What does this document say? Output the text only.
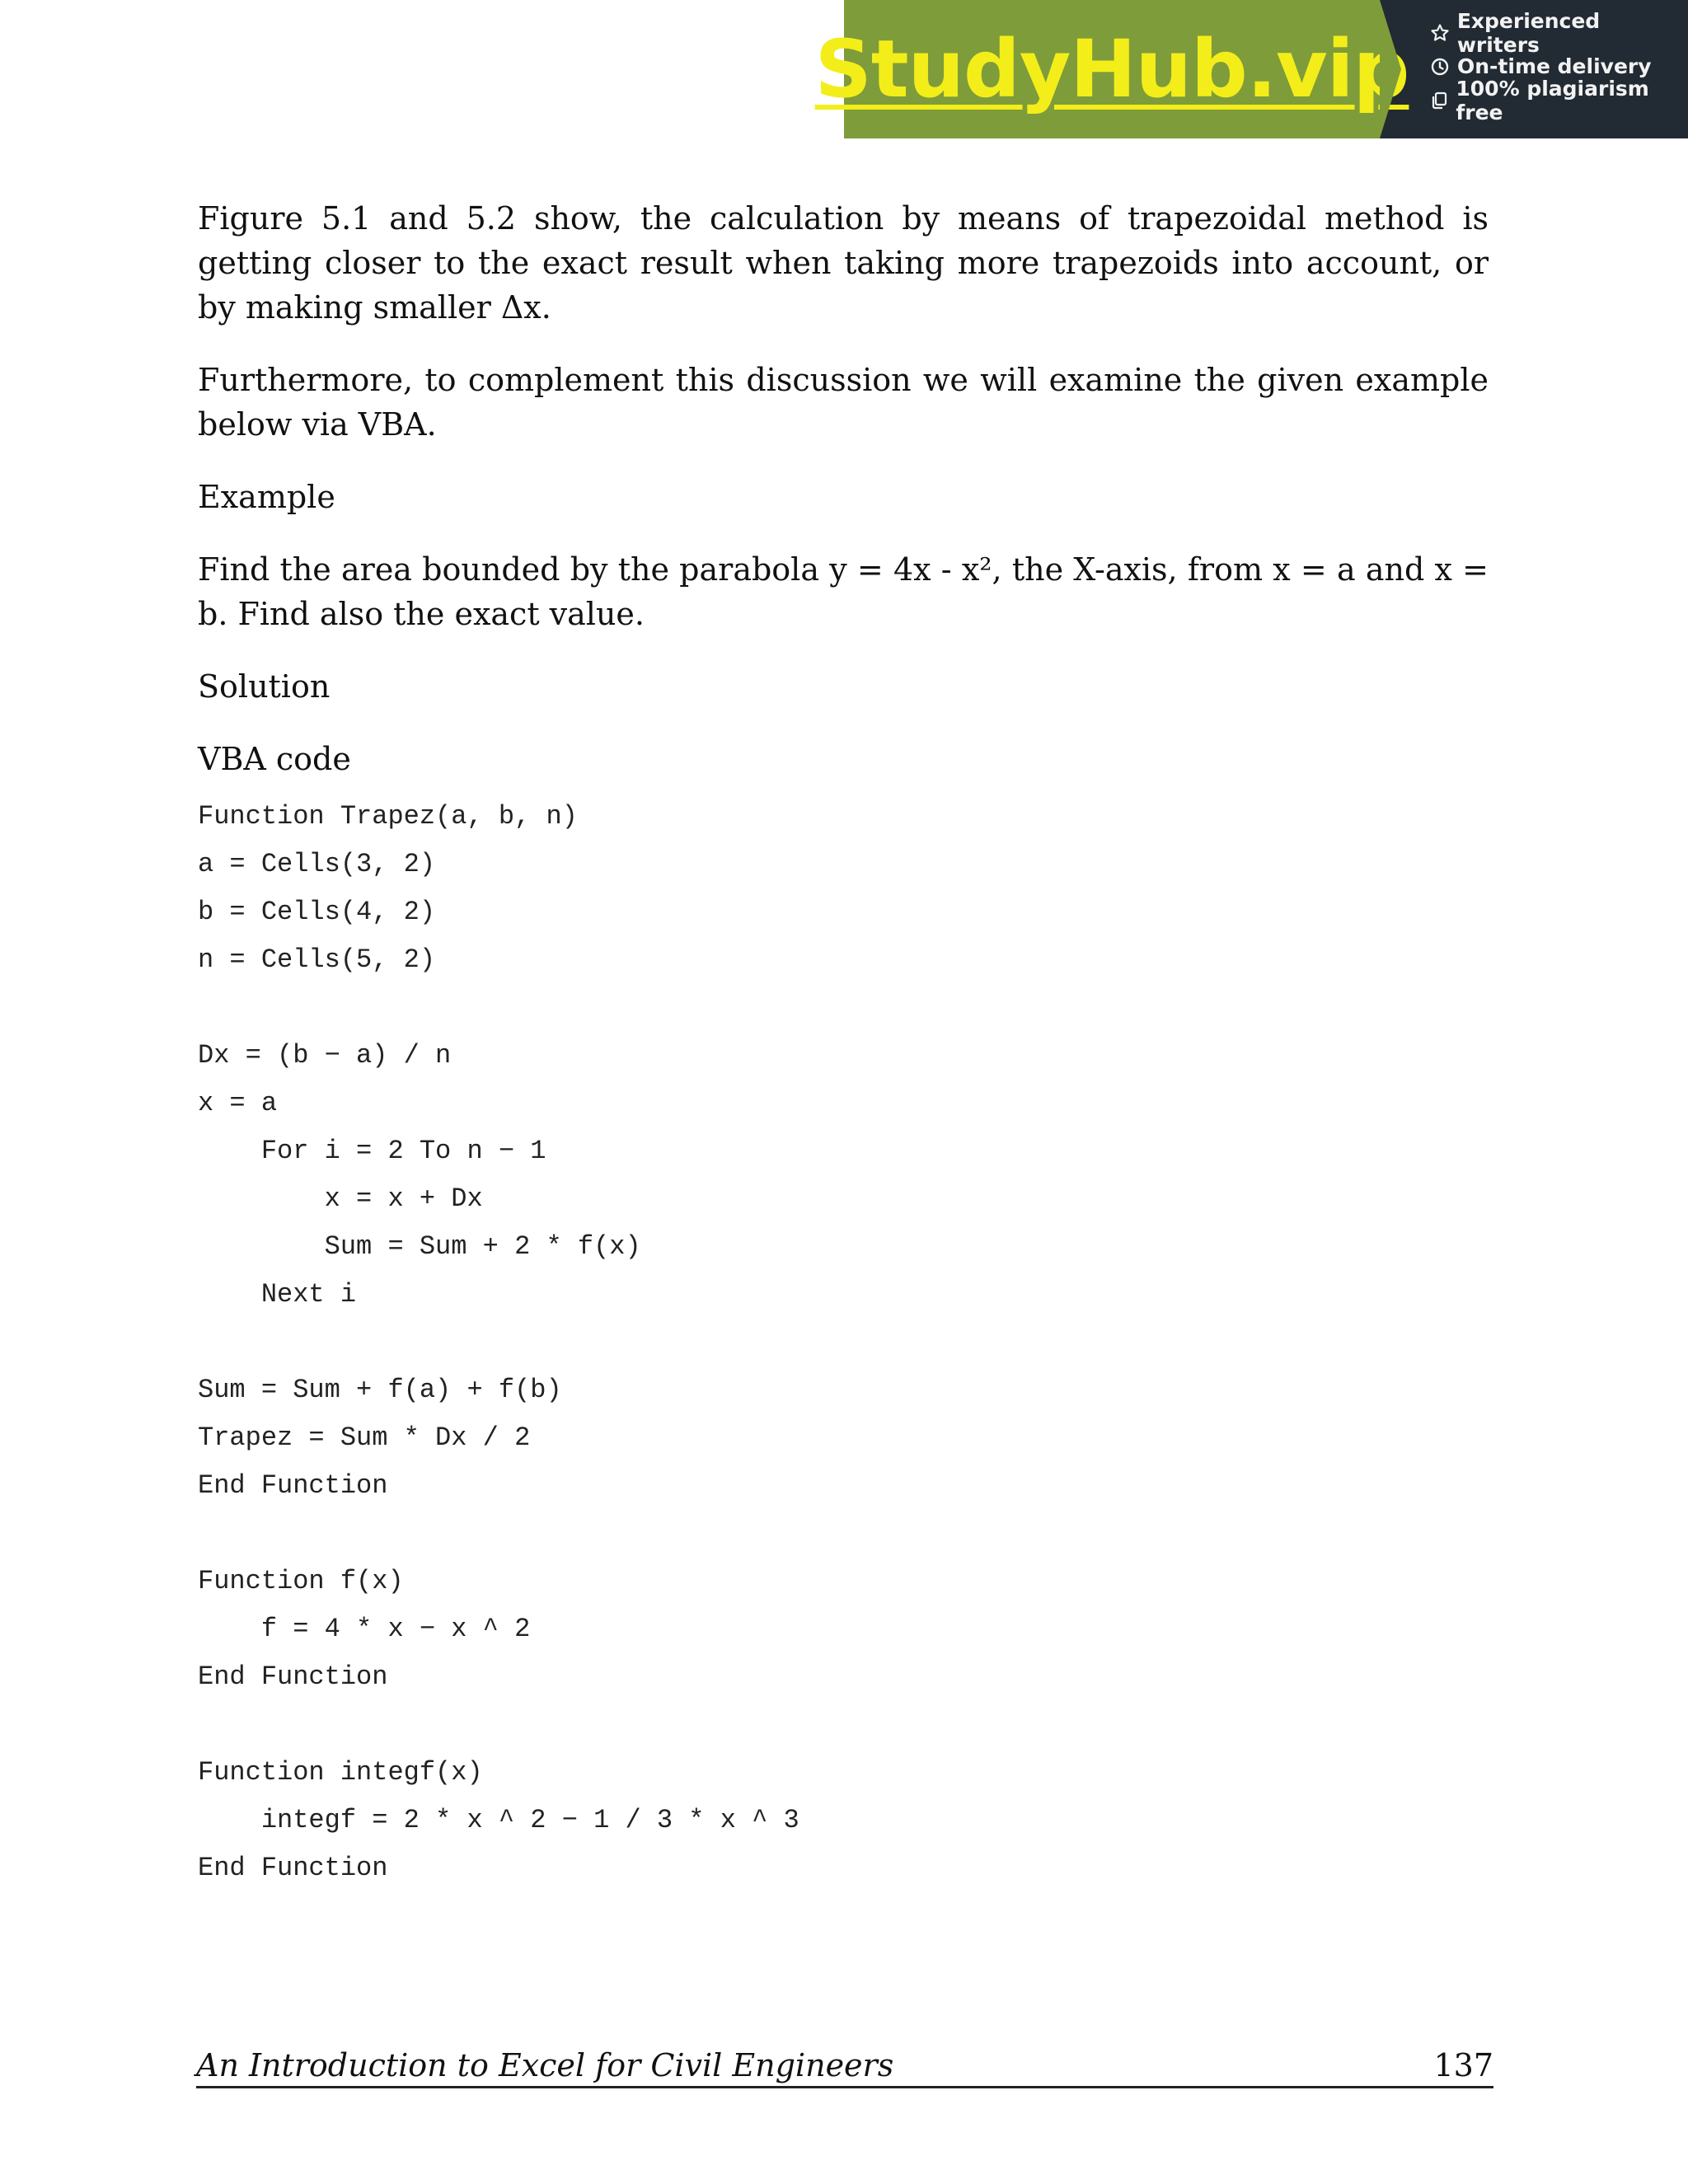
StudyHub.vip
Experienced writers
On-time delivery
100% plagiarism free

Figure 5.1 and 5.2 show, the calculation by means of trapezoidal method is getting closer to the exact result when taking more trapezoids into account, or by making smaller Δx.

Furthermore, to complement this discussion we will examine the given example below via VBA.

Example

Find the area bounded by the parabola y = 4x - x², the X-axis, from x = a and x = b. Find also the exact value.

Solution

VBA code

Function Trapez(a, b, n)
a = Cells(3, 2)
b = Cells(4, 2)
n = Cells(5, 2)
Dx = (b − a) / n
x = a
For i = 2 To n − 1
x = x + Dx
Sum = Sum + 2 * f(x)
Next i
Sum = Sum + f(a) + f(b)
Trapez = Sum * Dx / 2
End Function
Function f(x)
f = 4 * x − x ^ 2
End Function
Function integf(x)
integf = 2 * x ^ 2 − 1 / 3 * x ^ 3
End Function
An Introduction to Excel for Civil Engineers	137
